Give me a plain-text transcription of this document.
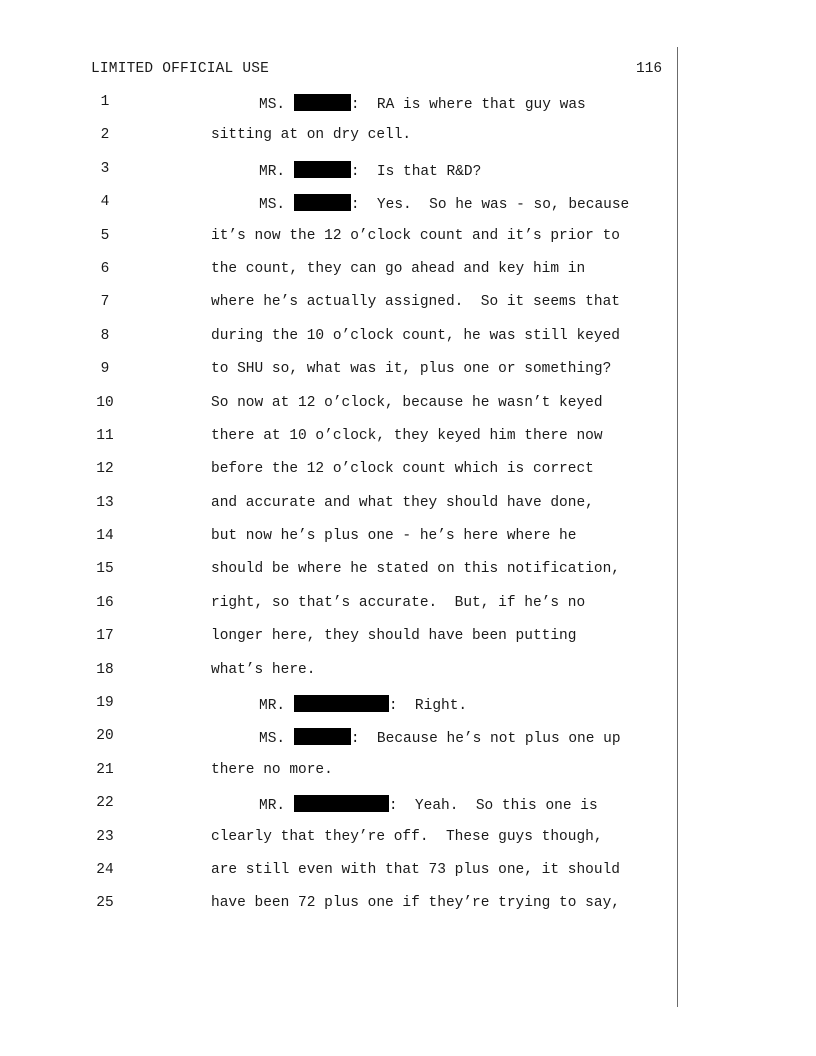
LIMITED OFFICIAL USE	116
1	MS.	:  RA is where that guy was
2	sitting at on dry cell.
3	MR.	:  Is that R&D?
4	MS.	:  Yes.  So he was - so, because
5	it’s now the 12 o’clock count and it’s prior to
6	the count, they can go ahead and key him in
7	where he’s actually assigned.  So it seems that
8	during the 10 o’clock count, he was still keyed
9	to SHU so, what was it, plus one or something?
10	So now at 12 o’clock, because he wasn’t keyed
11	there at 10 o’clock, they keyed him there now
12	before the 12 o’clock count which is correct
13	and accurate and what they should have done,
14	but now he’s plus one - he’s here where he
15	should be where he stated on this notification,
16	right, so that’s accurate.  But, if he’s no
17	longer here, they should have been putting
18	what’s here.
19	MR.	:  Right.
20	MS.	:  Because he’s not plus one up
21	there no more.
22	MR.	:  Yeah.  So this one is
23	clearly that they’re off.  These guys though,
24	are still even with that 73 plus one, it should
25	have been 72 plus one if they’re trying to say,
